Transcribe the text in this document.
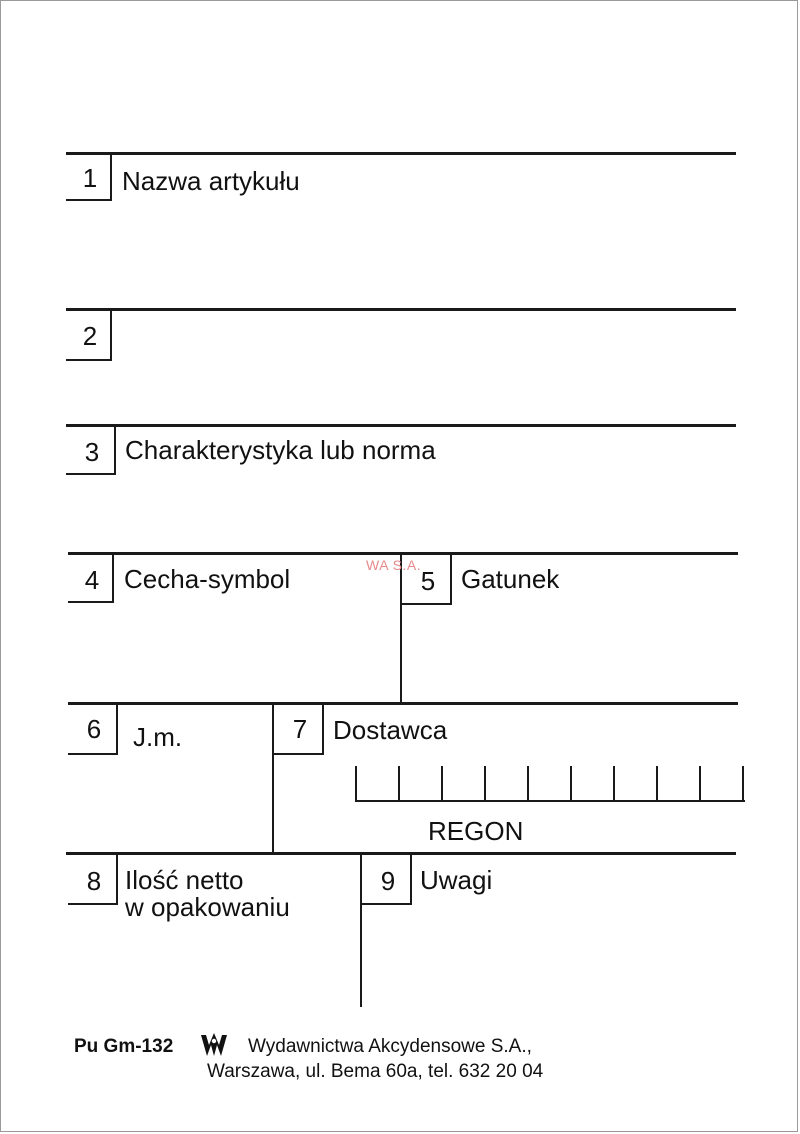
1 Nazwa artykułu
2
3 Charakterystyka lub norma
4 Cecha-symbol	5 Gatunek
WA S.A.
6	J.m.	7 Dostawca
REGON
8 Ilość netto
w opakowaniu
9 Uwagi
Pu Gm-132	Wydawnictwa Akcydensowe S.A.,
Warszawa, ul. Bema 60a, tel. 632 20 04
